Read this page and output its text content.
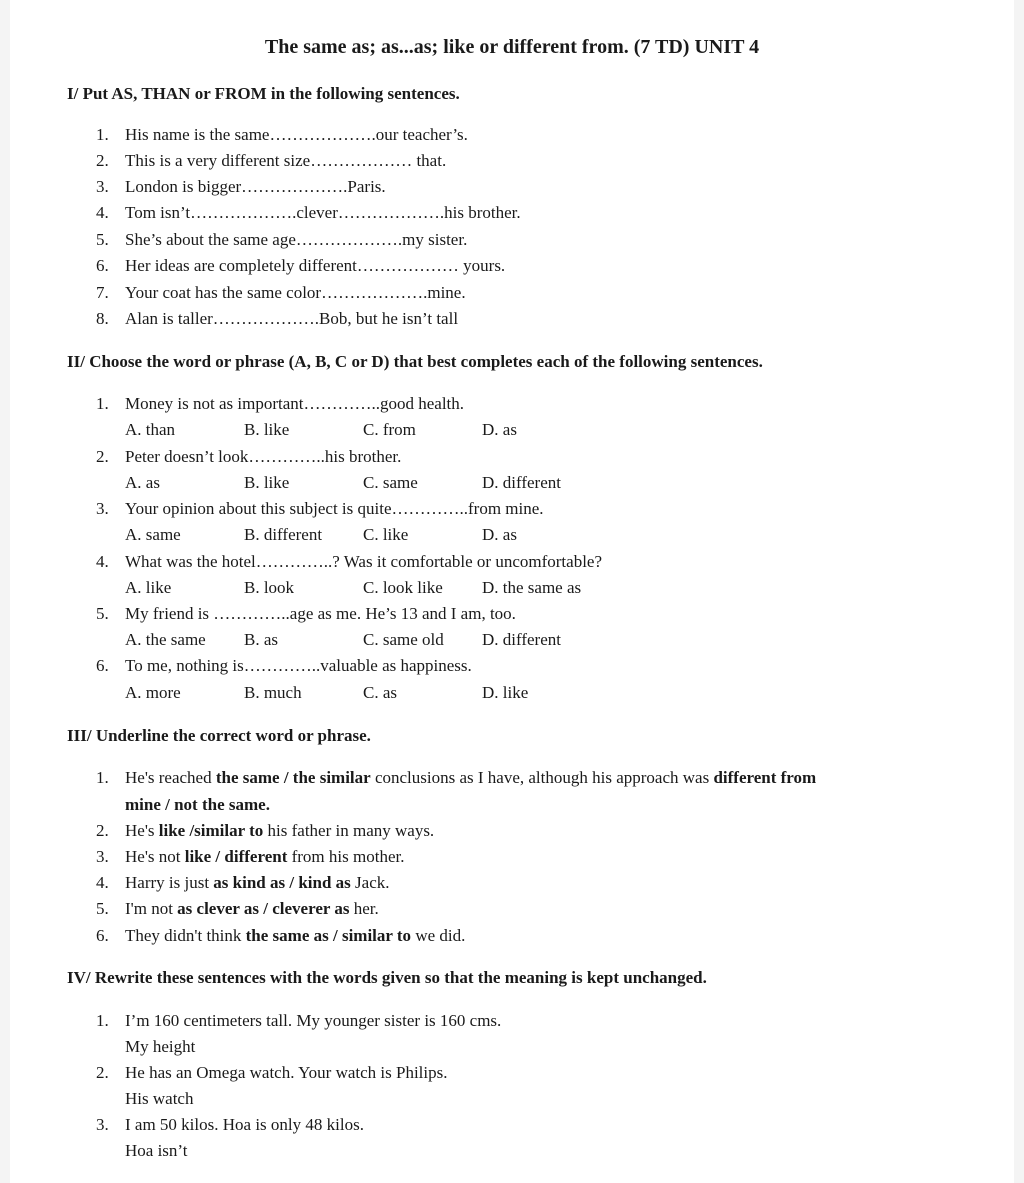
The same as; as...as; like or different from. (7 TD) UNIT 4
I/ Put AS, THAN or FROM in the following sentences.
1. His name is the same……………….our teacher’s.
2. This is a very different size……………… that.
3. London is bigger……………….Paris.
4. Tom isn’t……………….clever……………….his brother.
5. She’s about the same age……………….my sister.
6. Her ideas are completely different……………… yours.
7. Your coat has the same color……………….mine.
8. Alan is taller……………….Bob, but he isn’t tall
II/ Choose the word or phrase (A, B, C or D) that best completes each of the following sentences.
1. Money is not as important…………..good health.
A. than	B. like	C. from	D. as
2. Peter doesn’t look…………..his brother.
A. as	B. like	C. same	D. different
3. Your opinion about this subject is quite…………..from mine.
A. same	B. different C. like	D. as
4. What was the hotel…………..? Was it comfortable or uncomfortable?
A. like	B. look	C. look like D. the same as
5. My friend is …………..age as me. He’s 13 and I am, too.
A. the same B. as	C. same old D. different
6. To me, nothing is…………..valuable as happiness.
A. more	B. much	C. as	D. like
III/ Underline the correct word or phrase.
1. He's reached the same / the similar conclusions as I have, although his approach was different from
mine / not the same.
2. He's like /similar to his father in many ways.
3. He's not like / different from his mother.
4. Harry is just as kind as / kind as Jack.
5. I'm not as clever as / cleverer as her.
6. They didn't think the same as / similar to we did.
IV/ Rewrite these sentences with the words given so that the meaning is kept unchanged.
1. I’m 160 centimeters tall. My younger sister is 160 cms.
My height
2. He has an Omega watch. Your watch is Philips.
His watch
3. I am 50 kilos. Hoa is only 48 kilos.
Hoa isn’t
